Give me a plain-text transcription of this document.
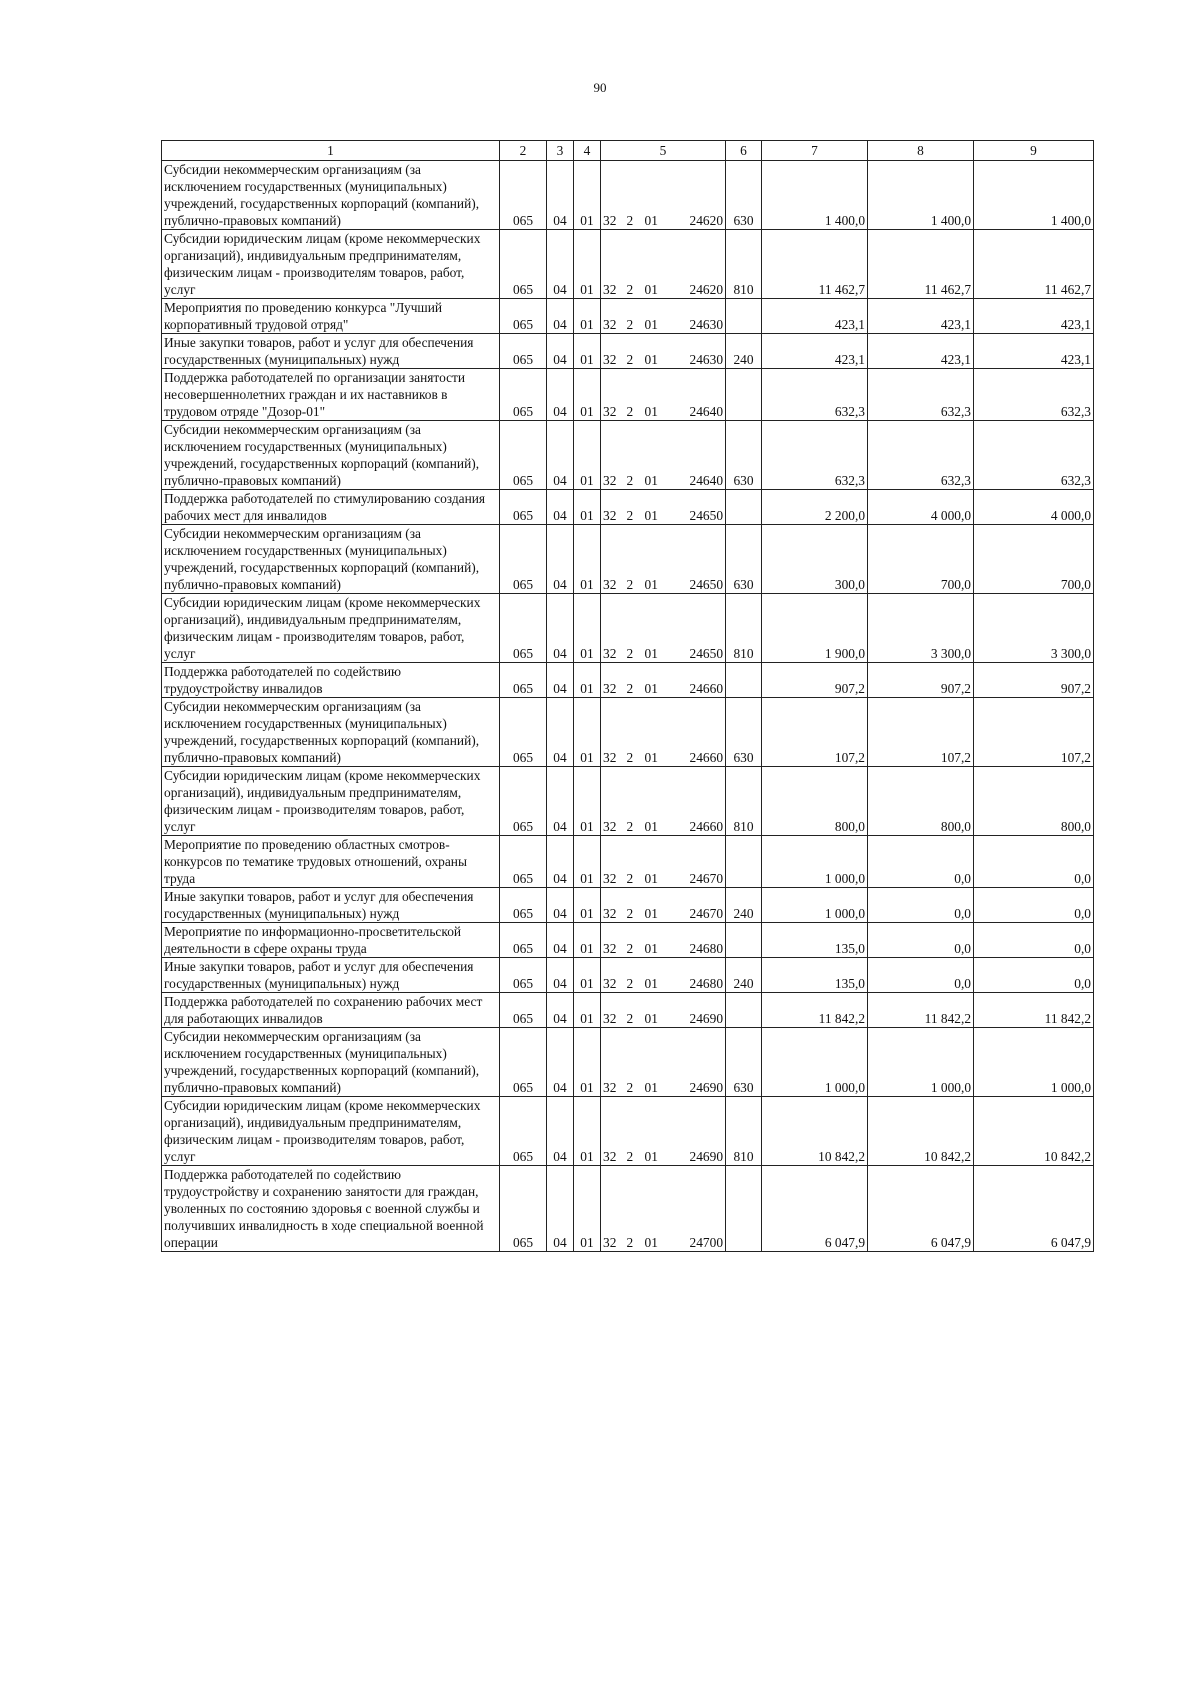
90
1	2	3	4	5				6	7	8	9
Субсидии некоммерческим организациям (за исключением государственных (муниципальных) учреждений, государственных корпораций (компаний), публично-правовых компаний)	065	04	01	32	2	01	24620	630	1 400,0	1 400,0	1 400,0
Субсидии юридическим лицам (кроме некоммерческих организаций), индивидуальным предпринимателям, физическим лицам - производителям товаров, работ, услуг	065	04	01	32	2	01	24620	810	11 462,7	11 462,7	11 462,7
Мероприятия по проведению конкурса "Лучший корпоративный трудовой отряд"	065	04	01	32	2	01	24630		423,1	423,1	423,1
Иные закупки товаров, работ и услуг для обеспечения государственных (муниципальных) нужд	065	04	01	32	2	01	24630	240	423,1	423,1	423,1
Поддержка работодателей по организации занятости несовершеннолетних граждан и их наставников в трудовом отряде "Дозор-01"	065	04	01	32	2	01	24640		632,3	632,3	632,3
Субсидии некоммерческим организациям (за исключением государственных (муниципальных) учреждений, государственных корпораций (компаний), публично-правовых компаний)	065	04	01	32	2	01	24640	630	632,3	632,3	632,3
Поддержка работодателей по стимулированию создания рабочих мест для инвалидов	065	04	01	32	2	01	24650		2 200,0	4 000,0	4 000,0
Субсидии некоммерческим организациям (за исключением государственных (муниципальных) учреждений, государственных корпораций (компаний), публично-правовых компаний)	065	04	01	32	2	01	24650	630	300,0	700,0	700,0
Субсидии юридическим лицам (кроме некоммерческих организаций), индивидуальным предпринимателям, физическим лицам - производителям товаров, работ, услуг	065	04	01	32	2	01	24650	810	1 900,0	3 300,0	3 300,0
Поддержка работодателей по содействию трудоустройству инвалидов	065	04	01	32	2	01	24660		907,2	907,2	907,2
Субсидии некоммерческим организациям (за исключением государственных (муниципальных) учреждений, государственных корпораций (компаний), публично-правовых компаний)	065	04	01	32	2	01	24660	630	107,2	107,2	107,2
Субсидии юридическим лицам (кроме некоммерческих организаций), индивидуальным предпринимателям, физическим лицам - производителям товаров, работ, услуг	065	04	01	32	2	01	24660	810	800,0	800,0	800,0
Мероприятие по проведению областных смотров-конкурсов по тематике трудовых отношений, охраны труда	065	04	01	32	2	01	24670		1 000,0	0,0	0,0
Иные закупки товаров, работ и услуг для обеспечения государственных (муниципальных) нужд	065	04	01	32	2	01	24670	240	1 000,0	0,0	0,0
Мероприятие по информационно-просветительской деятельности в сфере охраны труда	065	04	01	32	2	01	24680		135,0	0,0	0,0
Иные закупки товаров, работ и услуг для обеспечения государственных (муниципальных) нужд	065	04	01	32	2	01	24680	240	135,0	0,0	0,0
Поддержка работодателей по сохранению рабочих мест для работающих инвалидов	065	04	01	32	2	01	24690		11 842,2	11 842,2	11 842,2
Субсидии некоммерческим организациям (за исключением государственных (муниципальных) учреждений, государственных корпораций (компаний), публично-правовых компаний)	065	04	01	32	2	01	24690	630	1 000,0	1 000,0	1 000,0
Субсидии юридическим лицам (кроме некоммерческих организаций), индивидуальным предпринимателям, физическим лицам - производителям товаров, работ, услуг	065	04	01	32	2	01	24690	810	10 842,2	10 842,2	10 842,2
Поддержка работодателей по содействию трудоустройству и сохранению занятости для граждан, уволенных по состоянию здоровья с военной службы и получивших инвалидность в ходе специальной военной операции	065	04	01	32	2	01	24700		6 047,9	6 047,9	6 047,9
